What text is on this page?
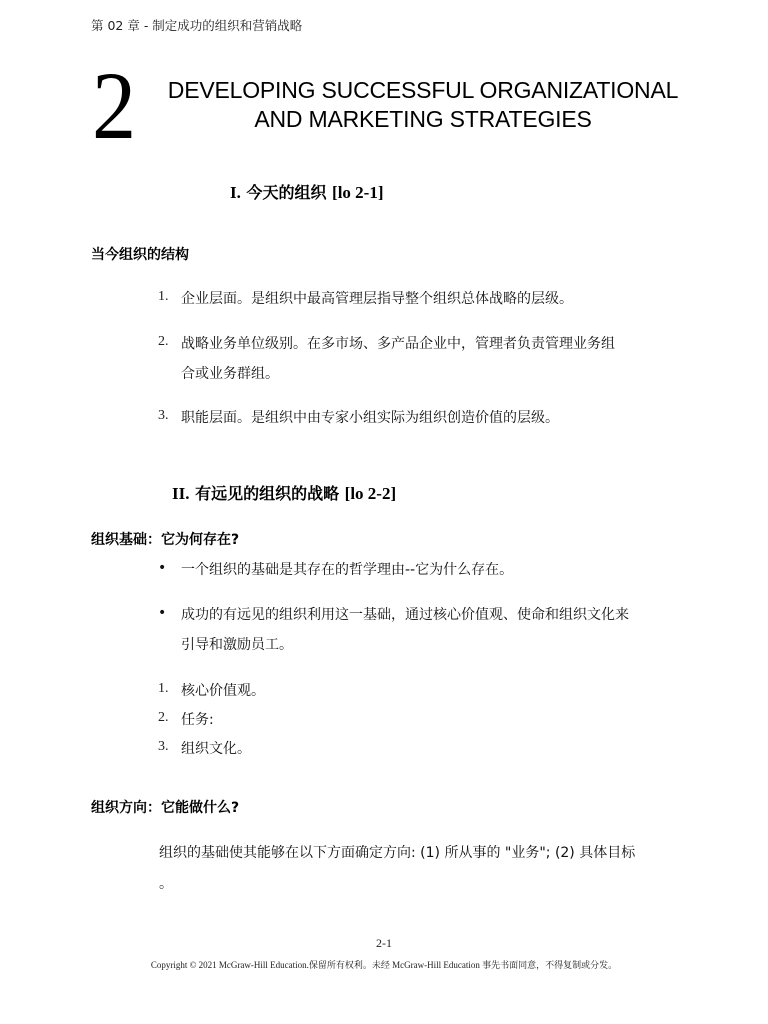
第 02 章 - 制定成功的组织和营销战略
2	DEVELOPING SUCCESSFUL ORGANIZATIONAL
AND MARKETING STRATEGIES
I. 今天的组织 [lo 2-1]
当今组织的结构
1. 企业层面。是组织中最高管理层指导整个组织总体战略的层级。
2. 战略业务单位级别。在多市场、多产品企业中，管理者负责管理业务组
合或业务群组。
3. 职能层面。是组织中由专家小组实际为组织创造价值的层级。
II. 有远见的组织的战略 [lo 2-2]
组织基础：它为何存在?
• 一个组织的基础是其存在的哲学理由--它为什么存在。
• 成功的有远见的组织利用这一基础，通过核心价值观、使命和组织文化来
引导和激励员工。
1. 核心价值观。
2. 任务:
3. 组织文化。
组织方向：它能做什么?
组织的基础使其能够在以下方面确定方向: (1) 所从事的 "业务"; (2) 具体目标
。
2-1
Copyright © 2021 McGraw-Hill Education.保留所有权利。未经 McGraw-Hill Education 事先书面同意，不得复制或分发。
